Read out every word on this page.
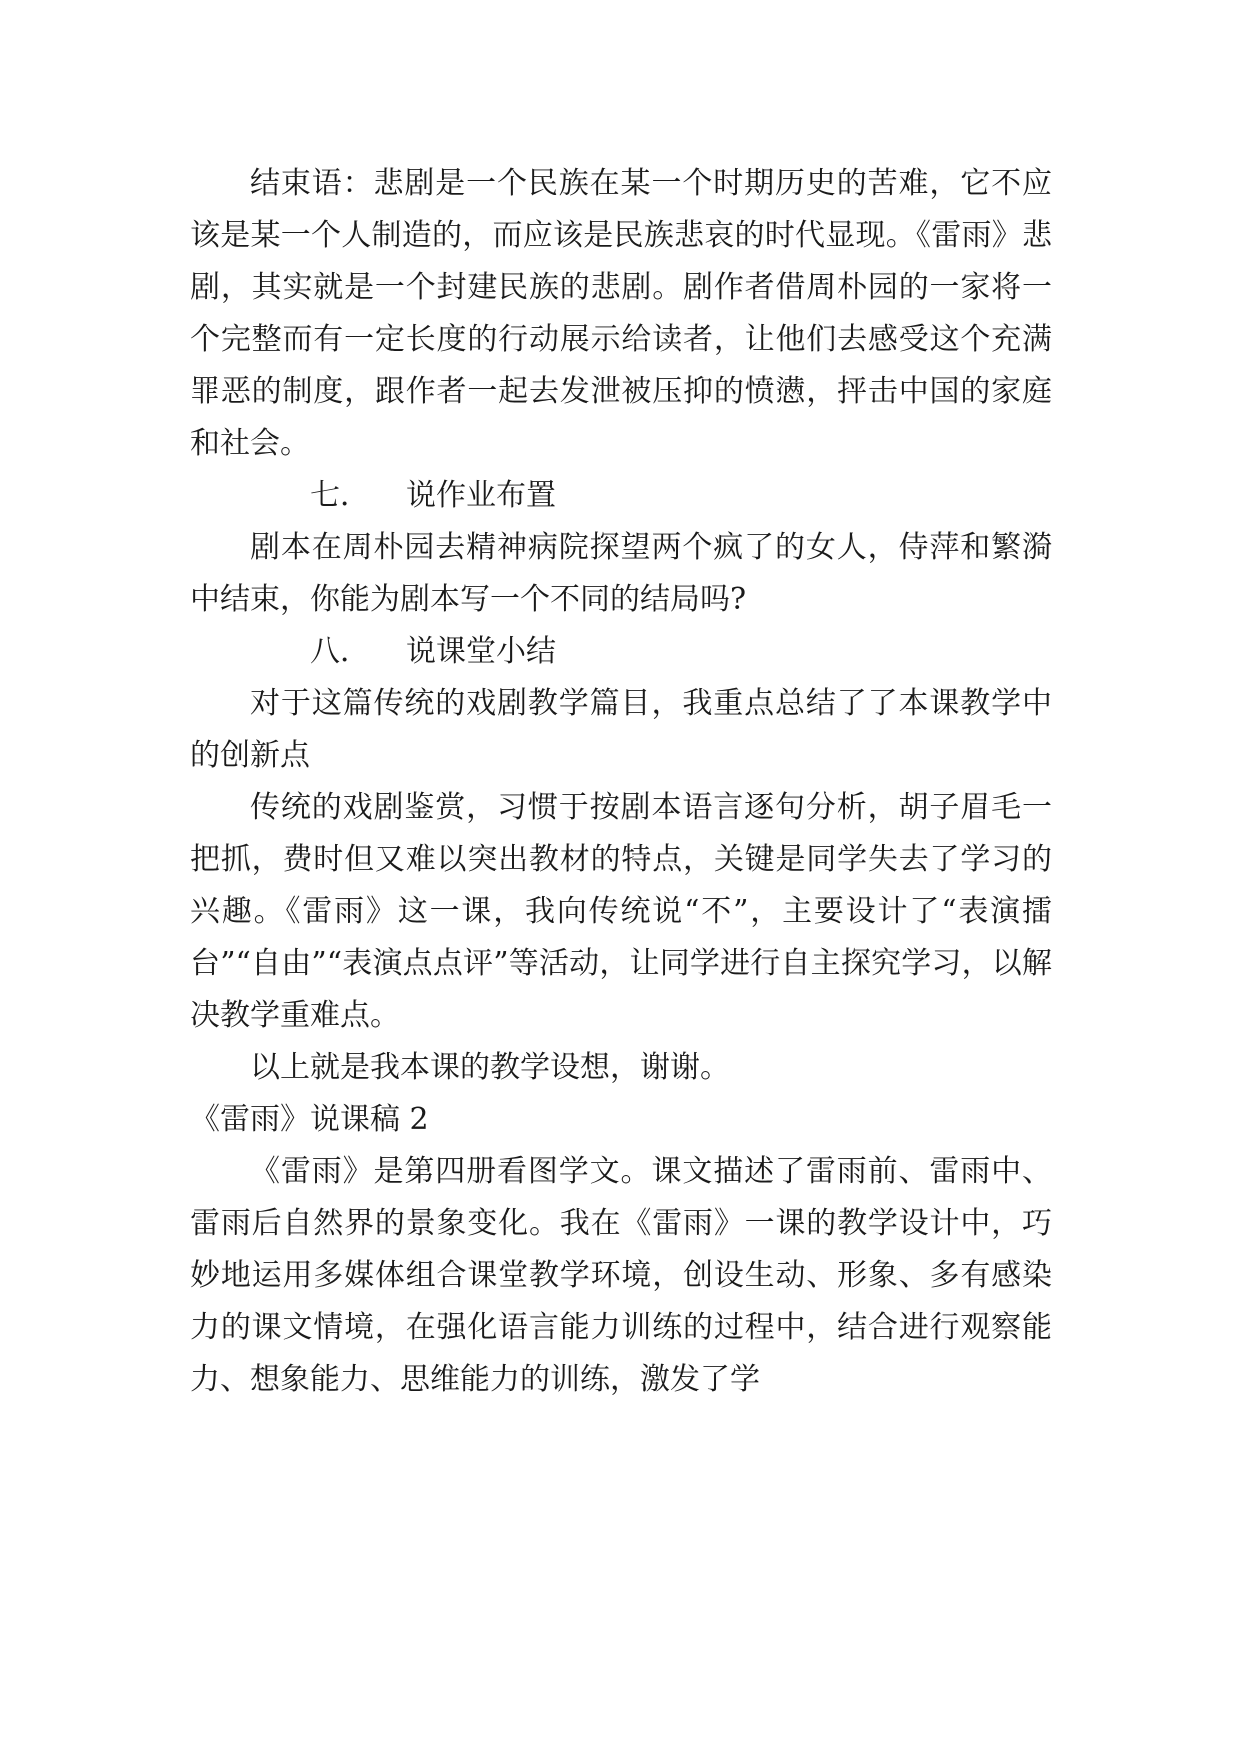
结束语：悲剧是一个民族在某一个时期历史的苦难，它不应该是某一个人制造的，而应该是民族悲哀的时代显现。《雷雨》悲剧，其实就是一个封建民族的悲剧。剧作者借周朴园的一家将一个完整而有一定长度的行动展示给读者，让他们去感受这个充满罪恶的制度，跟作者一起去发泄被压抑的愤懑，抨击中国的家庭和社会。

七． 说作业布置

剧本在周朴园去精神病院探望两个疯了的女人，侍萍和繁漪中结束，你能为剧本写一个不同的结局吗?

八． 说课堂小结

对于这篇传统的戏剧教学篇目，我重点总结了了本课教学中的创新点

传统的戏剧鉴赏，习惯于按剧本语言逐句分析，胡子眉毛一把抓，费时但又难以突出教材的特点，关键是同学失去了学习的兴趣。《雷雨》这一课，我向传统说“不”，主要设计了“表演擂台”“自由”“表演点点评”等活动，让同学进行自主探究学习，以解决教学重难点。

以上就是我本课的教学设想，谢谢。

《雷雨》说课稿 2

《雷雨》是第四册看图学文。课文描述了雷雨前、雷雨中、雷雨后自然界的景象变化。我在《雷雨》一课的教学设计中，巧妙地运用多媒体组合课堂教学环境，创设生动、形象、多有感染力的课文情境，在强化语言能力训练的过程中，结合进行观察能力、想象能力、思维能力的训练，激发了学
